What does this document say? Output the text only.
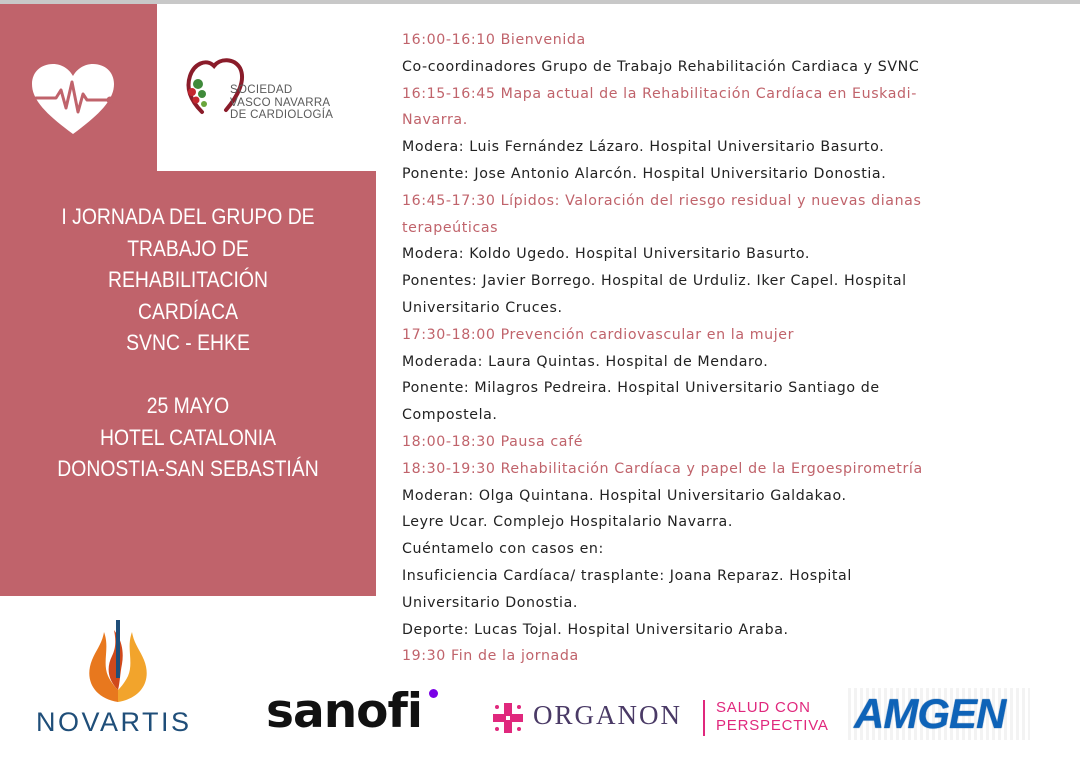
SOCIEDAD
VASCO NAVARRA
DE CARDIOLOGÍA
I JORNADA DEL GRUPO DE
TRABAJO DE
REHABILITACIÓN
CARDÍACA
SVNC - EHKE
25 MAYO
HOTEL CATALONIA
DONOSTIA-SAN SEBASTIÁN
16:00-16:10 Bienvenida
Co-coordinadores Grupo de Trabajo Rehabilitación Cardiaca y SVNC
16:15-16:45 Mapa actual de la Rehabilitación Cardíaca en Euskadi-
Navarra.
Modera: Luis Fernández Lázaro. Hospital Universitario Basurto.
Ponente: Jose Antonio Alarcón. Hospital Universitario Donostia.
16:45-17:30 Lípidos: Valoración del riesgo residual y nuevas dianas
terapeúticas
Modera: Koldo Ugedo. Hospital Universitario Basurto.
Ponentes: Javier Borrego. Hospital de Urduliz. Iker Capel. Hospital
Universitario Cruces.
17:30-18:00 Prevención cardiovascular en la mujer
Moderada: Laura Quintas. Hospital de Mendaro.
Ponente: Milagros Pedreira. Hospital Universitario Santiago de
Compostela.
18:00-18:30 Pausa café
18:30-19:30 Rehabilitación Cardíaca y papel de la Ergoespirometría
Moderan: Olga Quintana. Hospital Universitario Galdakao.
Leyre Ucar. Complejo Hospitalario Navarra.
Cuéntamelo con casos en:
Insuficiencia Cardíaca/ trasplante: Joana Reparaz. Hospital
Universitario Donostia.
Deporte: Lucas Tojal. Hospital Universitario Araba.
19:30 Fin de la jornada
NOVARTIS sanofi	ORGANON SALUD CON
PERSPECTIVA AMGEN
